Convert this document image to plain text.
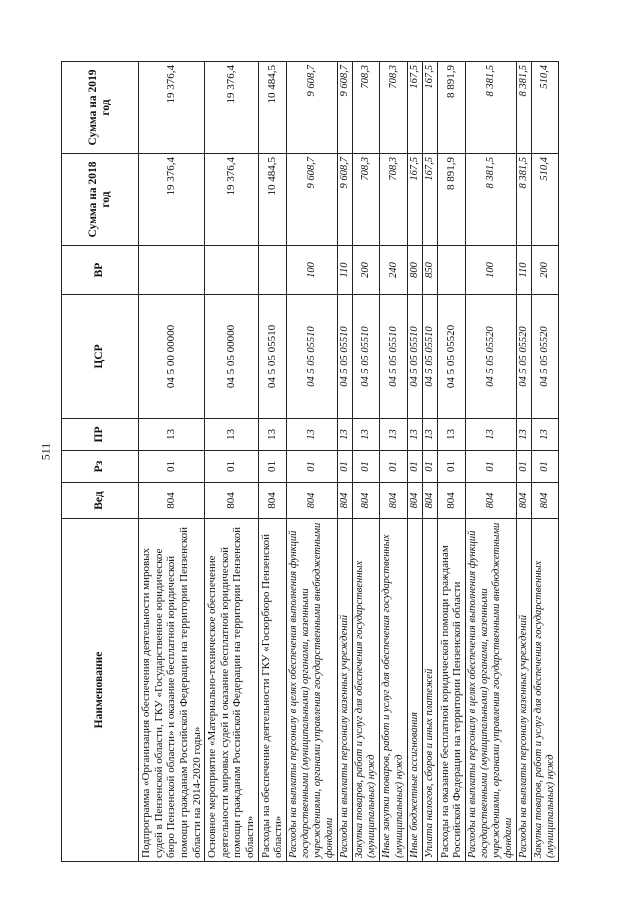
511
Наименование	Вед	Рз	ПР	ЦСР	ВР	Сумма на 2018 год	Сумма на 2019 год
Подпрограмма «Организация обеспечения деятельности мировых судей в Пензенской области, ГКУ «Государственное юридическое бюро Пензенской области» и оказание бесплатной юридической помощи гражданам Российской Федерации на территории Пензенской области на 2014-2020 годы»	804	01	13	04 5 00 00000		19 376,4	19 376,4
Основное мероприятие «Материально-техническое обеспечение деятельности мировых судей и оказание бесплатной юридической помощи гражданам Российской Федерации на территории Пензенской области»	804	01	13	04 5 05 00000		19 376,4	19 376,4
Расходы на обеспечение деятельности ГКУ «Госюрбюро Пензенской области»	804	01	13	04 5 05 05510		10 484,5	10 484,5
Расходы на выплаты персоналу в целях обеспечения выполнения функций государственными (муниципальными) органами, казенными учреждениями, органами управления государственными внебюджетными фондами	804	01	13	04 5 05 05510	100	9 608,7	9 608,7
Расходы на выплаты персоналу казенных учреждений	804	01	13	04 5 05 05510	110	9 608,7	9 608,7
Закупка товаров, работ и услуг для обеспечения государственных (муниципальных) нужд	804	01	13	04 5 05 05510	200	708,3	708,3
Иные закупки товаров, работ и услуг для обеспечения государственных (муниципальных) нужд	804	01	13	04 5 05 05510	240	708,3	708,3
Иные бюджетные ассигнования	804	01	13	04 5 05 05510	800	167,5	167,5
Уплата налогов, сборов и иных платежей	804	01	13	04 5 05 05510	850	167,5	167,5
Расходы на оказание бесплатной юридической помощи гражданам Российской Федерации на территории Пензенской области	804	01	13	04 5 05 05520		8 891,9	8 891,9
Расходы на выплаты персоналу в целях обеспечения выполнения функций государственными (муниципальными) органами, казенными учреждениями, органами управления государственными внебюджетными фондами	804	01	13	04 5 05 05520	100	8 381,5	8 381,5
Расходы на выплаты персоналу казенных учреждений	804	01	13	04 5 05 05520	110	8 381,5	8 381,5
Закупка товаров, работ и услуг для обеспечения государственных (муниципальных) нужд	804	01	13	04 5 05 05520	200	510,4	510,4
